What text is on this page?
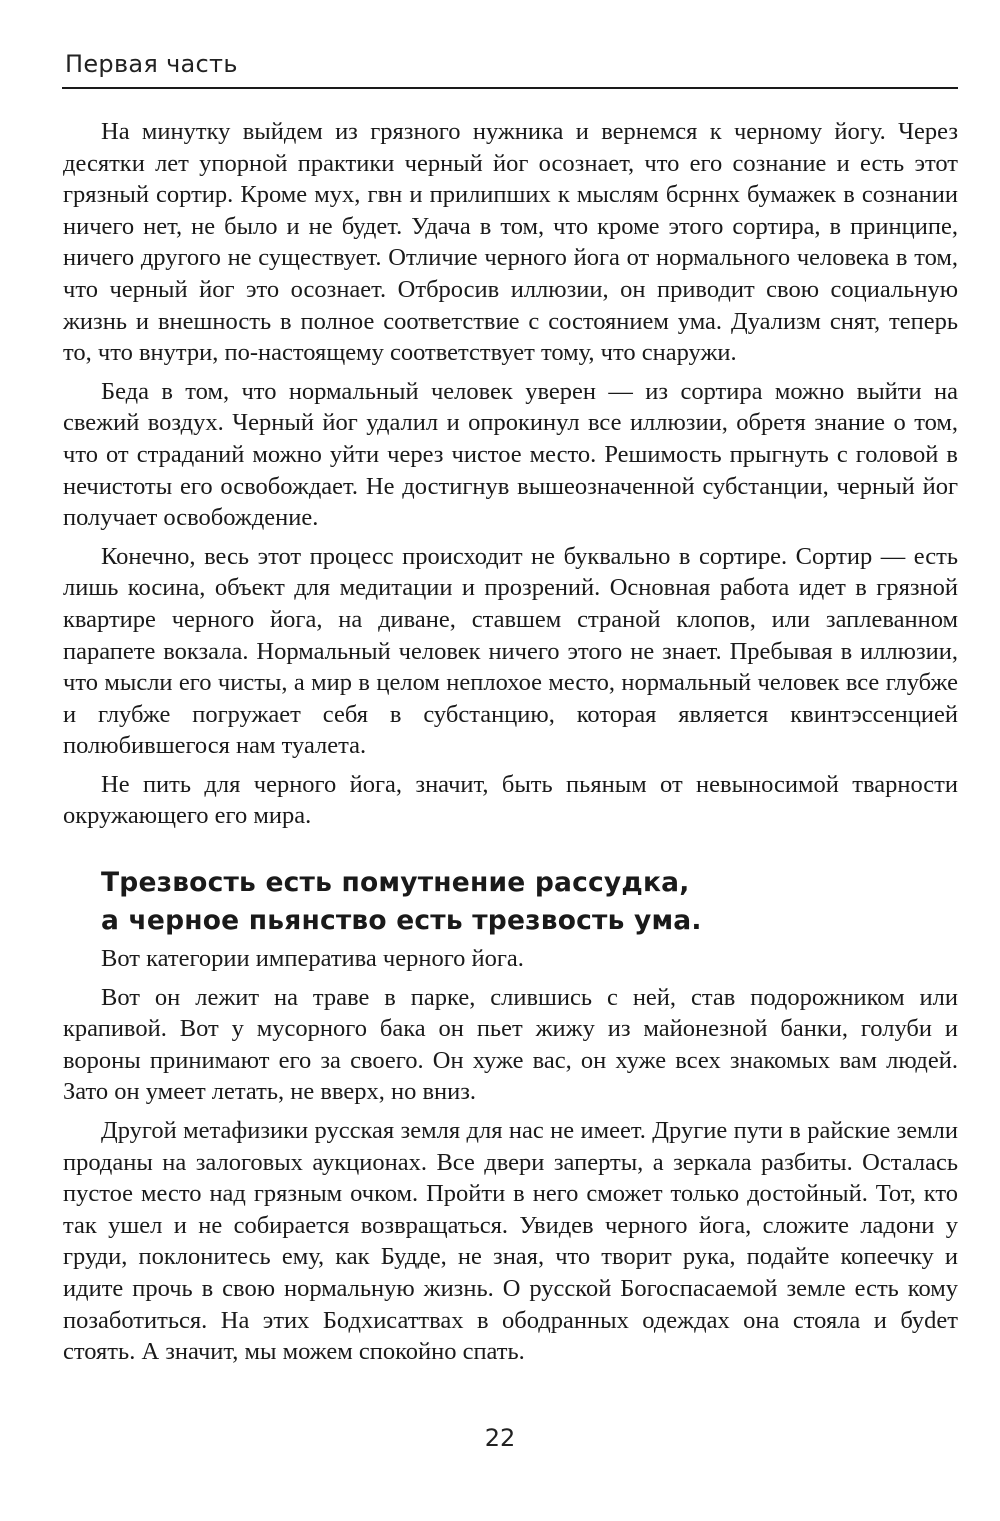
Первая часть

На минутку выйдем из грязного нужника и вернемся к черному йогу. Через десятки лет упорной практики черный йог осознает, что его сознание и есть этот грязный сортир. Кроме мух, гвн и прилипших к мыслям бсрннх бумажек в сознании ничего нет, не было и не будет. Удача в том, что кроме этого сортира, в принципе, ничего другого не существует. Отличие черного йога от нормального человека в том, что черный йог это осознает. Отбросив иллюзии, он приводит свою социальную жизнь и внешность в полное соответствие с состоянием ума. Дуализм снят, теперь то, что внутри, по-настоящему соответствует тому, что снаружи.

Беда в том, что нормальный человек уверен — из сортира можно выйти на свежий воздух. Черный йог удалил и опрокинул все иллюзии, обретя знание о том, что от страданий можно уйти через чистое место. Решимость прыгнуть с головой в нечистоты его освобождает. Не достигнув вышеозначенной субстанции, черный йог получает освобождение.

Конечно, весь этот процесс происходит не буквально в сортире. Сортир — есть лишь косина, объект для медитации и прозрений. Основная работа идет в грязной квартире черного йога, на диване, ставшем страной клопов, или заплеванном парапете вокзала. Нормальный человек ничего этого не знает. Пребывая в иллюзии, что мысли его чисты, а мир в целом неплохое место, нормальный человек все глубже и глубже погружает себя в субстанцию, которая является квинтэссенцией полюбившегося нам туалета.

Не пить для черного йога, значит, быть пьяным от невыносимой тварности окружающего его мира.

Трезвость есть помутнение рассудка,
а черное пьянство есть трезвость ума.

Вот категории императива черного йога.

Вот он лежит на траве в парке, слившись с ней, став подорожником или крапивой. Вот у мусорного бака он пьет жижу из майонезной банки, голуби и вороны принимают его за своего. Он хуже вас, он хуже всех знакомых вам людей. Зато он умеет летать, не вверх, но вниз.

Другой метафизики русская земля для нас не имеет. Другие пути в райские земли проданы на залоговых аукционах. Все двери заперты, а зеркала разбиты. Осталась пустое место над грязным очком. Пройти в него сможет только достойный. Тот, кто так ушел и не собирается возвращаться. Увидев черного йога, сложите ладони у груди, поклонитесь ему, как Будде, не зная, что творит рука, подайте копеечку и идите прочь в свою нормальную жизнь. О русской Богоспасаемой земле есть кому позаботиться. На этих Бодхисаттвах в ободранных одеждах она стояла и буdет стоять. А значит, мы можем спокойно спать.

22
